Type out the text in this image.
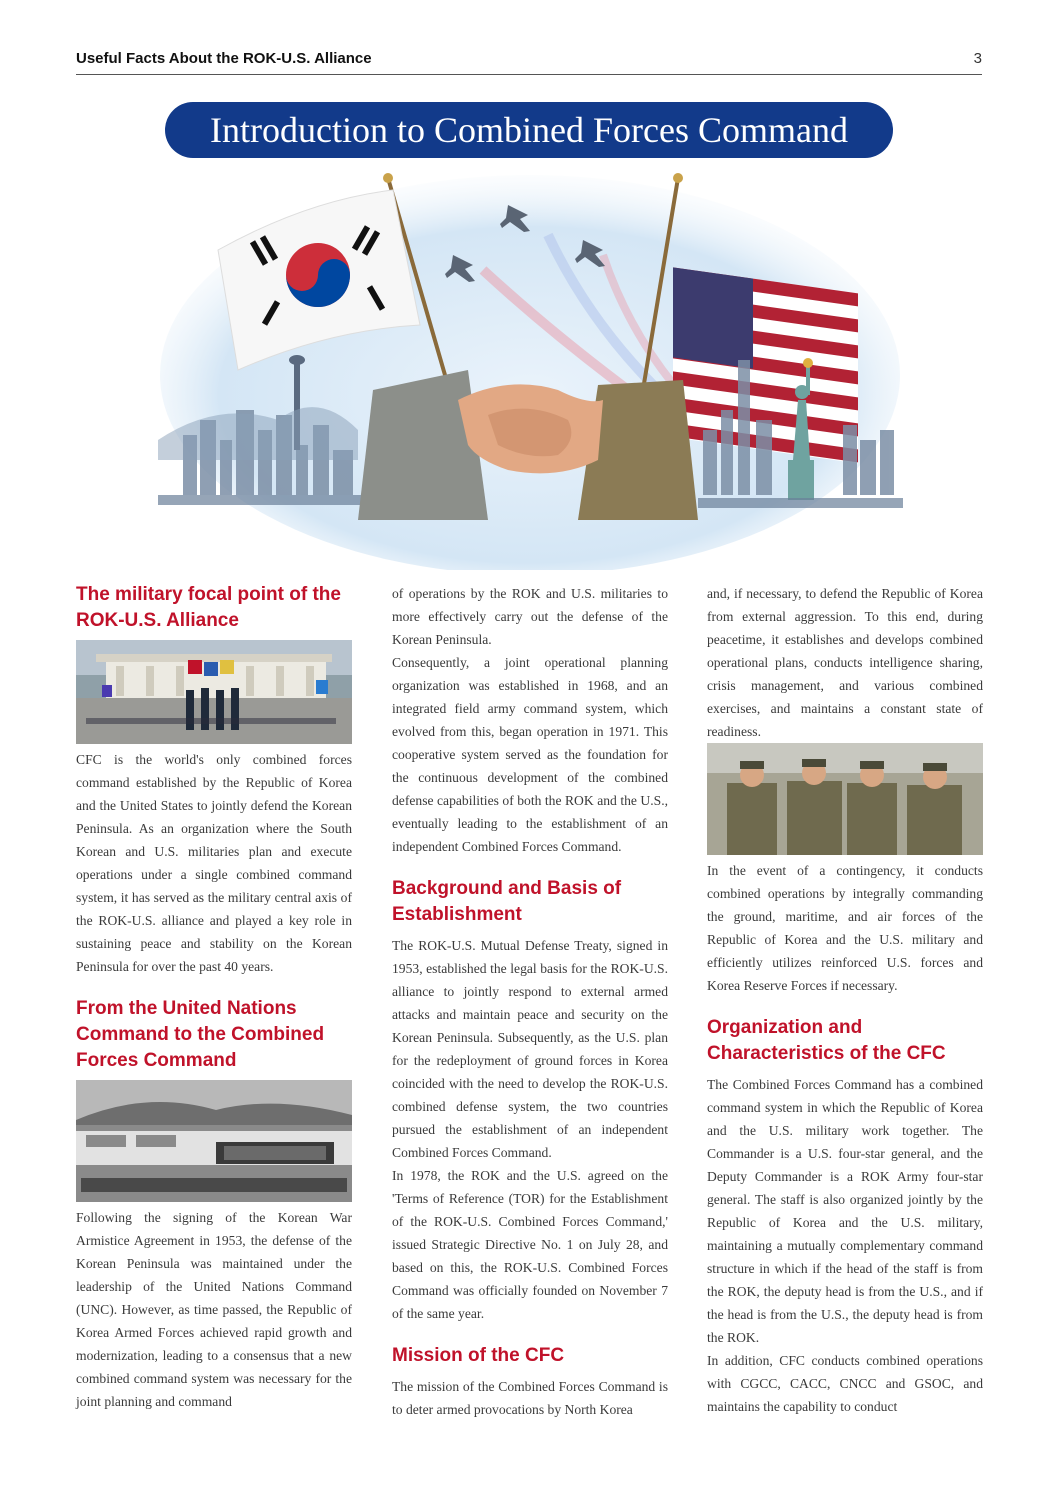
Useful Facts About the ROK-U.S. Alliance	3
Introduction to Combined Forces Command
The military focal point of the ROK-U.S. Alliance

CFC is the world's only combined forces command established by the Republic of Korea and the United States to jointly defend the Korean Peninsula. As an organization where the South Korean and U.S. militaries plan and execute operations under a single combined command system, it has served as the military central axis of the ROK-U.S. alliance and played a key role in sustaining peace and stability on the Korean Peninsula for over the past 40 years.

From the United Nations Command to the Combined Forces Command

Following the signing of the Korean War Armistice Agreement in 1953, the defense of the Korean Peninsula was maintained under the leadership of the United Nations Command (UNC). However, as time passed, the Republic of Korea Armed Forces achieved rapid growth and modernization, leading to a consensus that a new combined command system was necessary for the joint planning and command

of operations by the ROK and U.S. militaries to more effectively carry out the defense of the Korean Peninsula.

Consequently, a joint operational planning organization was established in 1968, and an integrated field army command system, which evolved from this, began operation in 1971. This cooperative system served as the foundation for the continuous development of the combined defense capabilities of both the ROK and the U.S., eventually leading to the establishment of an independent Combined Forces Command.

Background and Basis of Establishment

The ROK-U.S. Mutual Defense Treaty, signed in 1953, established the legal basis for the ROK-U.S. alliance to jointly respond to external armed attacks and maintain peace and security on the Korean Peninsula. Subsequently, as the U.S. plan for the redeployment of ground forces in Korea coincided with the need to develop the ROK-U.S. combined defense system, the two countries pursued the establishment of an independent Combined Forces Command.

In 1978, the ROK and the U.S. agreed on the 'Terms of Reference (TOR) for the Establishment of the ROK-U.S. Combined Forces Command,' issued Strategic Directive No. 1 on July 28, and based on this, the ROK-U.S. Combined Forces Command was officially founded on November 7 of the same year.

Mission of the CFC

The mission of the Combined Forces Command is to deter armed provocations by North Korea

and, if necessary, to defend the Republic of Korea from external aggression. To this end, during peacetime, it establishes and develops combined operational plans, conducts intelligence sharing, crisis management, and various combined exercises, and maintains a constant state of readiness.

In the event of a contingency, it conducts combined operations by integrally commanding the ground, maritime, and air forces of the Republic of Korea and the U.S. military and efficiently utilizes reinforced U.S. forces and Korea Reserve Forces if necessary.

Organization and Characteristics of the CFC

The Combined Forces Command has a combined command system in which the Republic of Korea and the U.S. military work together. The Commander is a U.S. four-star general, and the Deputy Commander is a ROK Army four-star general. The staff is also organized jointly by the Republic of Korea and the U.S. military, maintaining a mutually complementary command structure in which if the head of the staff is from the ROK, the deputy head is from the U.S., and if the head is from the U.S., the deputy head is from the ROK.

In addition, CFC conducts combined operations with CGCC, CACC, CNCC and GSOC, and maintains the capability to conduct
